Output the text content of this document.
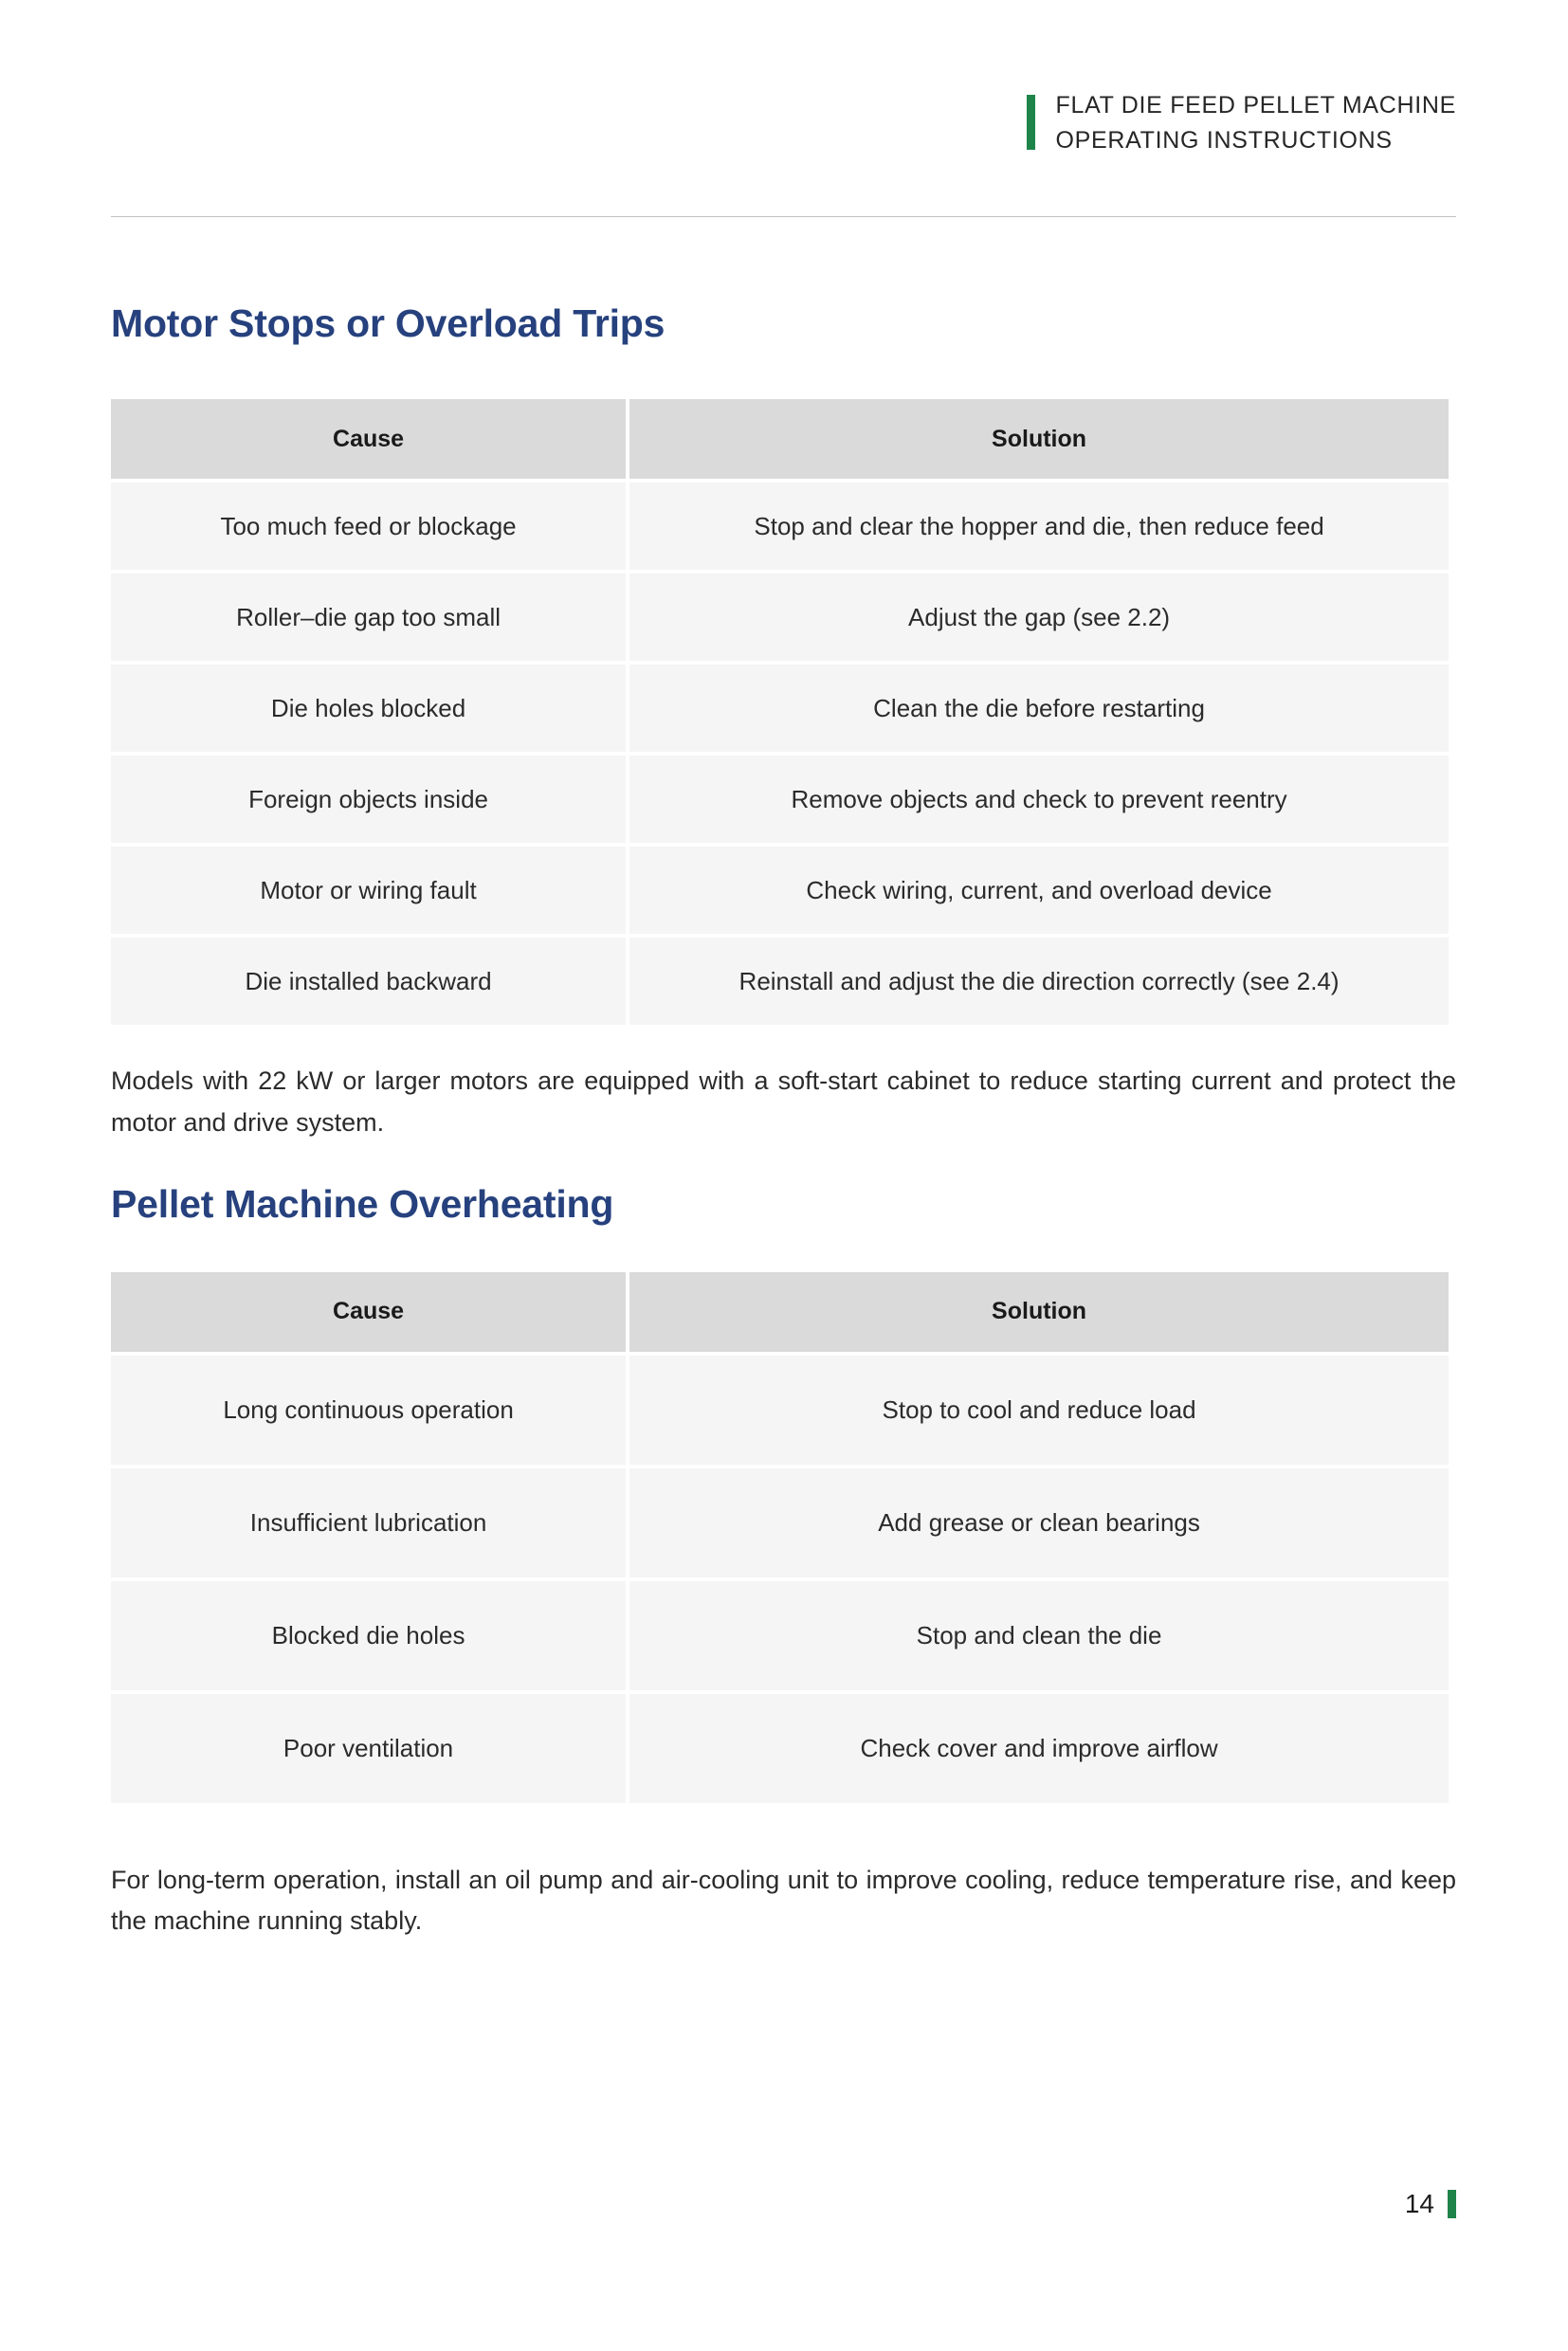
FLAT DIE FEED PELLET MACHINE
OPERATING INSTRUCTIONS
Motor Stops or Overload Trips
Cause	Solution
Too much feed or blockage	Stop and clear the hopper and die, then reduce feed
Roller–die gap too small	Adjust the gap (see 2.2)
Die holes blocked	Clean the die before restarting
Foreign objects inside	Remove objects and check to prevent reentry
Motor or wiring fault	Check wiring, current, and overload device
Die installed backward	Reinstall and adjust the die direction correctly (see 2.4)

Models with 22 kW or larger motors are equipped with a soft-start cabinet to reduce starting current and protect the motor and drive system.

Pellet Machine Overheating
Cause	Solution
Long continuous operation	Stop to cool and reduce load
Insufficient lubrication	Add grease or clean bearings
Blocked die holes	Stop and clean the die
Poor ventilation	Check cover and improve airflow

For long-term operation, install an oil pump and air-cooling unit to improve cooling, reduce temperature rise, and keep the machine running stably.

14
